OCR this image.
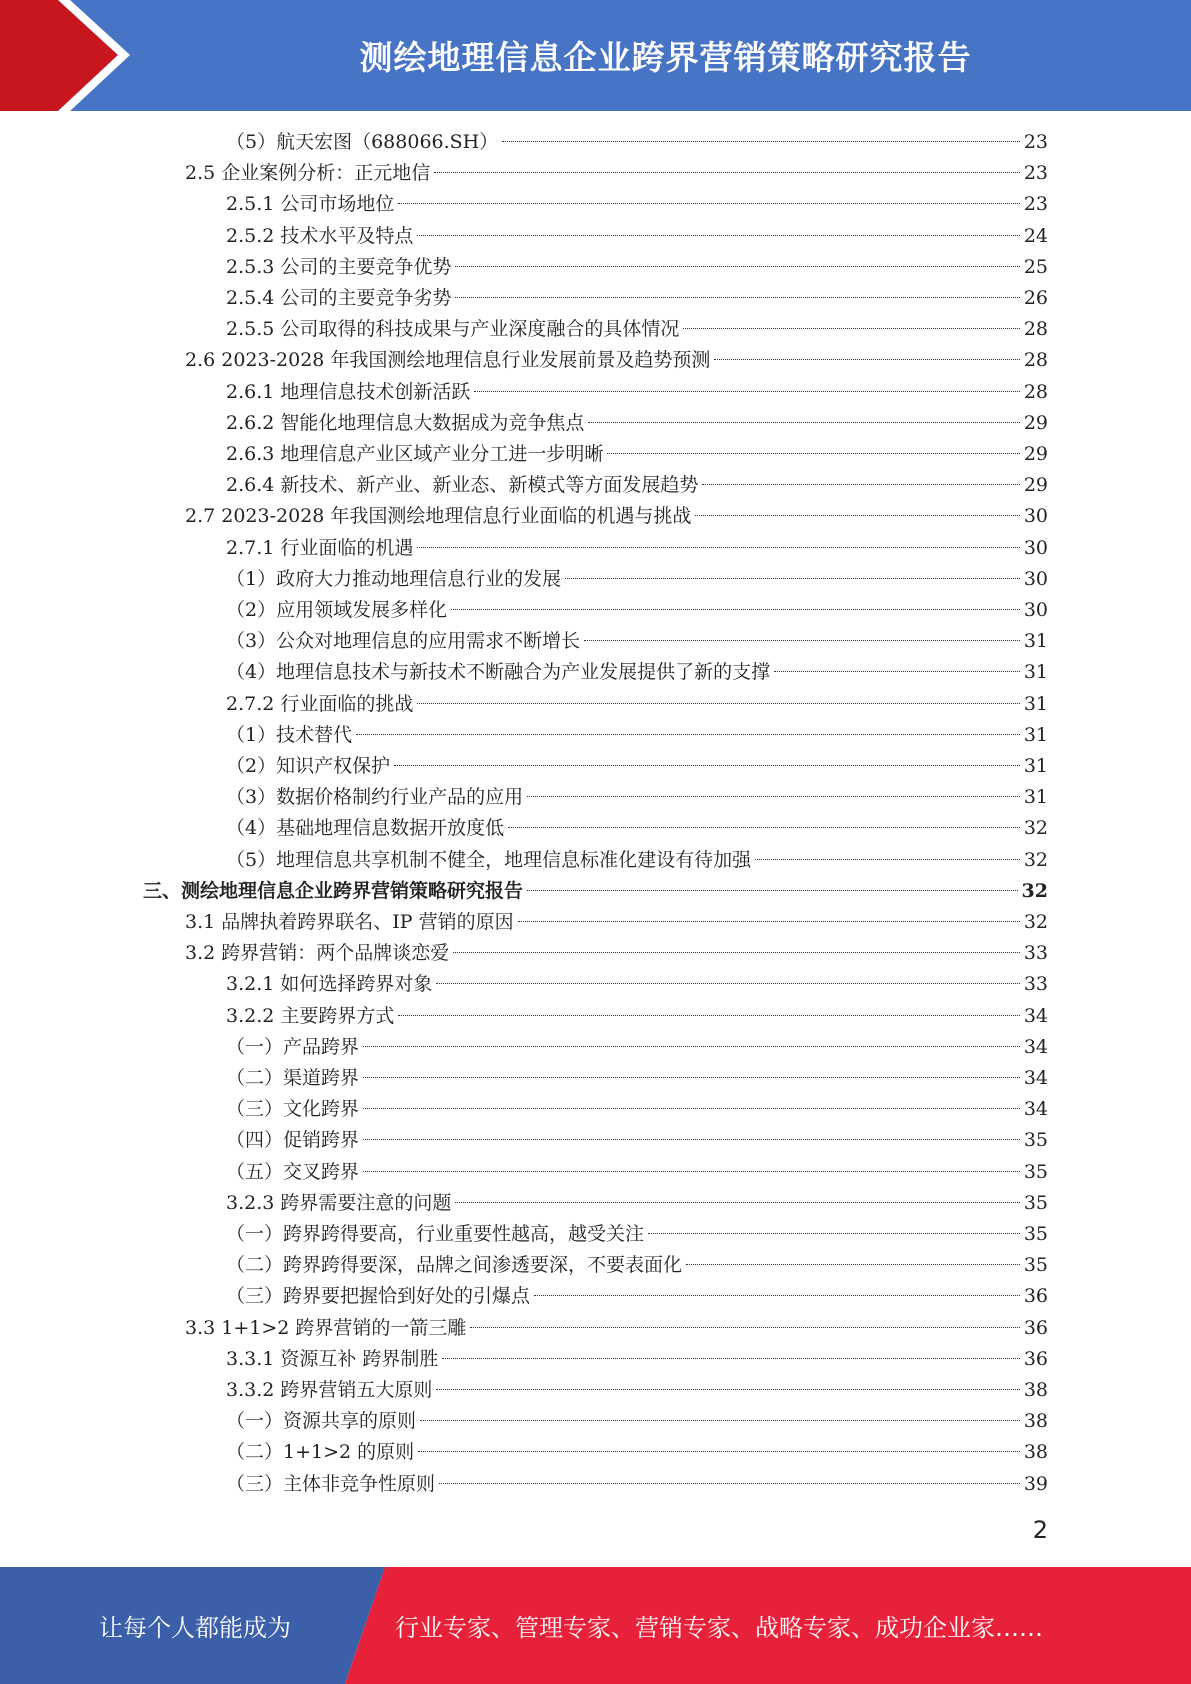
测绘地理信息企业跨界营销策略研究报告
（5）航天宏图（688066.SH）	23
2.5 企业案例分析：正元地信	23
2.5.1 公司市场地位	23
2.5.2 技术水平及特点	24
2.5.3 公司的主要竞争优势	25
2.5.4 公司的主要竞争劣势	26
2.5.5 公司取得的科技成果与产业深度融合的具体情况	28
2.6 2023-2028 年我国测绘地理信息行业发展前景及趋势预测	28
2.6.1 地理信息技术创新活跃	28
2.6.2 智能化地理信息大数据成为竞争焦点	29
2.6.3 地理信息产业区域产业分工进一步明晰	29
2.6.4 新技术、新产业、新业态、新模式等方面发展趋势	29
2.7 2023-2028 年我国测绘地理信息行业面临的机遇与挑战	30
2.7.1 行业面临的机遇	30
（1）政府大力推动地理信息行业的发展	30
（2）应用领域发展多样化	30
（3）公众对地理信息的应用需求不断增长	31
（4）地理信息技术与新技术不断融合为产业发展提供了新的支撑	31
2.7.2 行业面临的挑战	31
（1）技术替代	31
（2）知识产权保护	31
（3）数据价格制约行业产品的应用	31
（4）基础地理信息数据开放度低	32
（5）地理信息共享机制不健全，地理信息标准化建设有待加强	32
三、测绘地理信息企业跨界营销策略研究报告	32
3.1 品牌执着跨界联名、IP 营销的原因	32
3.2 跨界营销：两个品牌谈恋爱	33
3.2.1 如何选择跨界对象	33
3.2.2 主要跨界方式	34
（一）产品跨界	34
（二）渠道跨界	34
（三）文化跨界	34
（四）促销跨界	35
（五）交叉跨界	35
3.2.3 跨界需要注意的问题	35
（一）跨界跨得要高，行业重要性越高，越受关注	35
（二）跨界跨得要深，品牌之间渗透要深，不要表面化	35
（三）跨界要把握恰到好处的引爆点	36
3.3 1+1>2 跨界营销的一箭三雕	36
3.3.1 资源互补 跨界制胜	36
3.3.2 跨界营销五大原则	38
（一）资源共享的原则	38
（二）1+1>2 的原则	38
（三）主体非竞争性原则	39
2
让每个人都能成为	行业专家、管理专家、营销专家、战略专家、成功企业家……
